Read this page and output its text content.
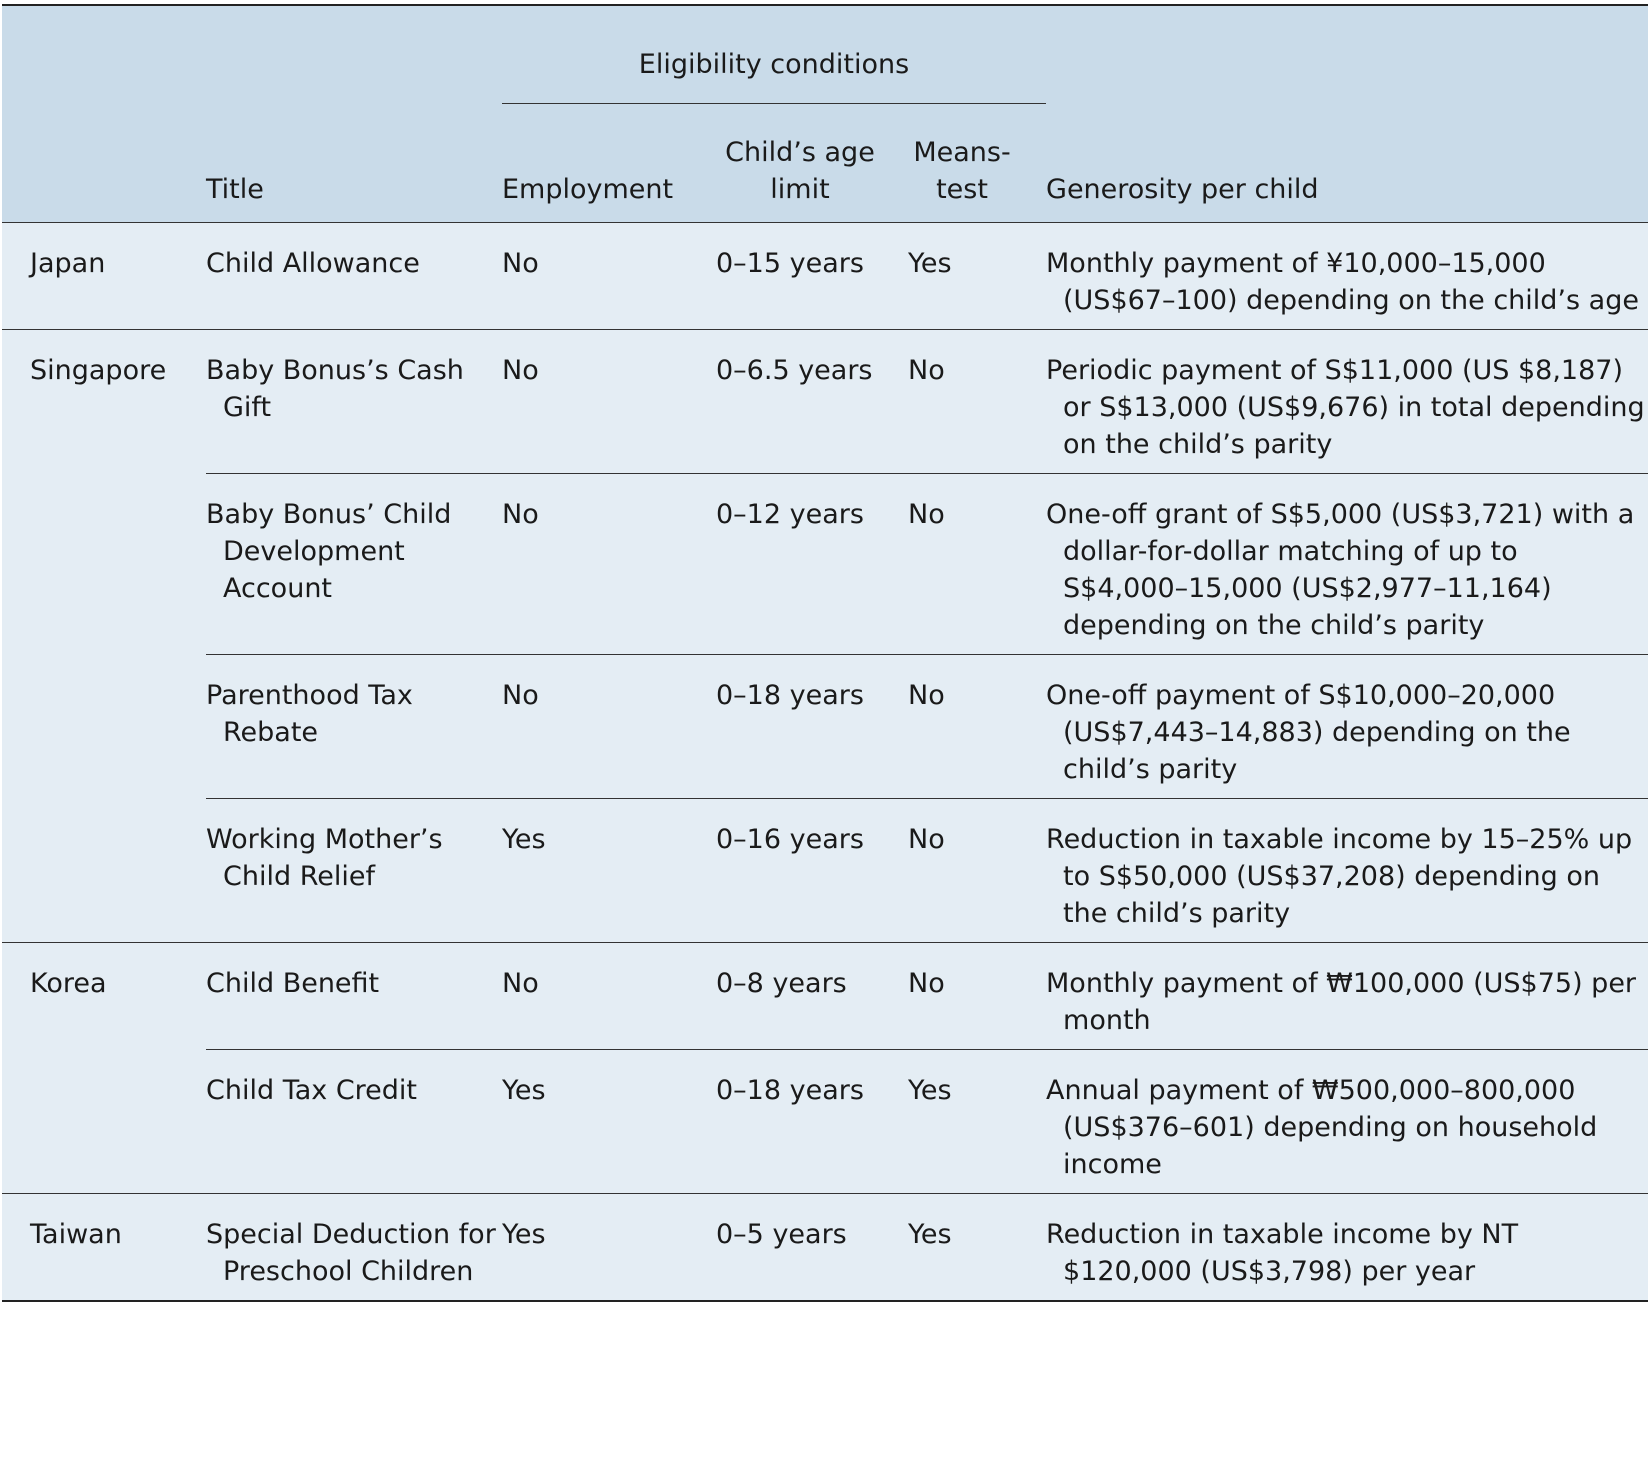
		Eligibility conditions			
	Title	Employment	Child’s age limit	Means-test	Generosity per child
Japan	Child Allowance	No	0–15 years	Yes	Monthly payment of ¥10,000–15,000 (US$67–100) depending on the child’s age
Singapore	Baby Bonus’s Cash Gift	No	0–6.5 years	No	Periodic payment of S$11,000 (US $8,187) or S$13,000 (US$9,676) in total depending on the child’s parity
	Baby Bonus’ Child Development Account	No	0–12 years	No	One-off grant of S$5,000 (US$3,721) with a dollar-for-dollar matching of up to S$4,000–15,000 (US$2,977–11,164) depending on the child’s parity
	Parenthood Tax Rebate	No	0–18 years	No	One-off payment of S$10,000–20,000 (US$7,443–14,883) depending on the child’s parity
	Working Mother’s Child Relief	Yes	0–16 years	No	Reduction in taxable income by 15–25% up to S$50,000 (US$37,208) depending on the child’s parity
Korea	Child Benefit	No	0–8 years	No	Monthly payment of ₩100,000 (US$75) per month
	Child Tax Credit	Yes	0–18 years	Yes	Annual payment of ₩500,000–800,000 (US$376–601) depending on household income
Taiwan	Special Deduction for Preschool Children	Yes	0–5 years	Yes	Reduction in taxable income by NT $120,000 (US$3,798) per year
